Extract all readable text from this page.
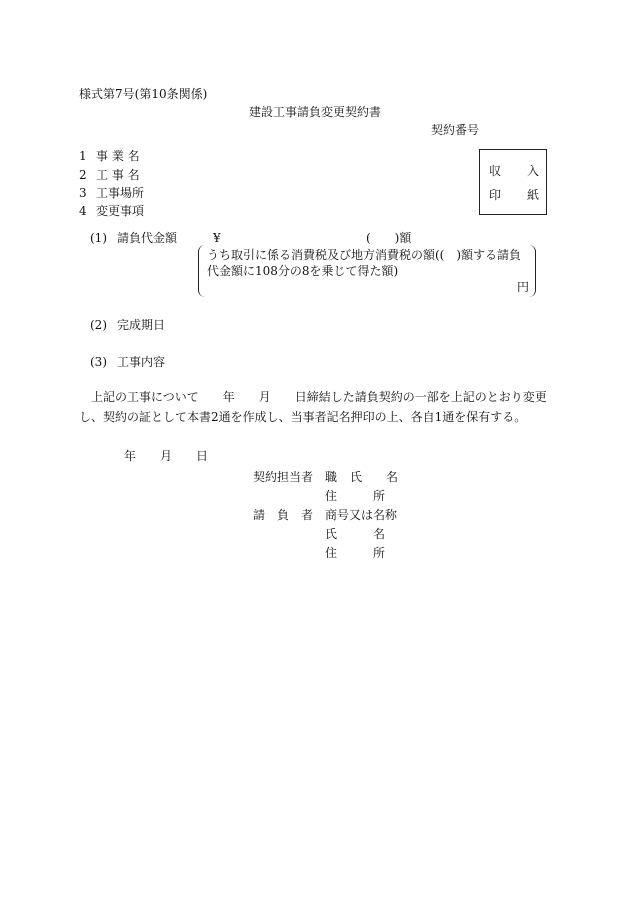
様式第7号(第10条関係)
建設工事請負変更契約書
契約番号
収 入
印 紙
1 事 業 名
2 工 事 名
3 工事場所
4 変更事項
(1) 請負代金額	¥	(　　)額
うち取引に係る消費税及び地方消費税の額((　)額する請負
代金額に108分の8を乗じて得た額)
円
(2) 完成期日
(3) 工事内容
上記の工事について　　年　　月　　日締結した請負契約の一部を上記のとおり変更
し、契約の証として本書2通を作成し、当事者記名押印の上、各自1通を保有する。
年　　月　　日
契約担当者 職 氏　　名
住　　　所
請　負　者 商号又は名称
氏　　　名
住　　　所
